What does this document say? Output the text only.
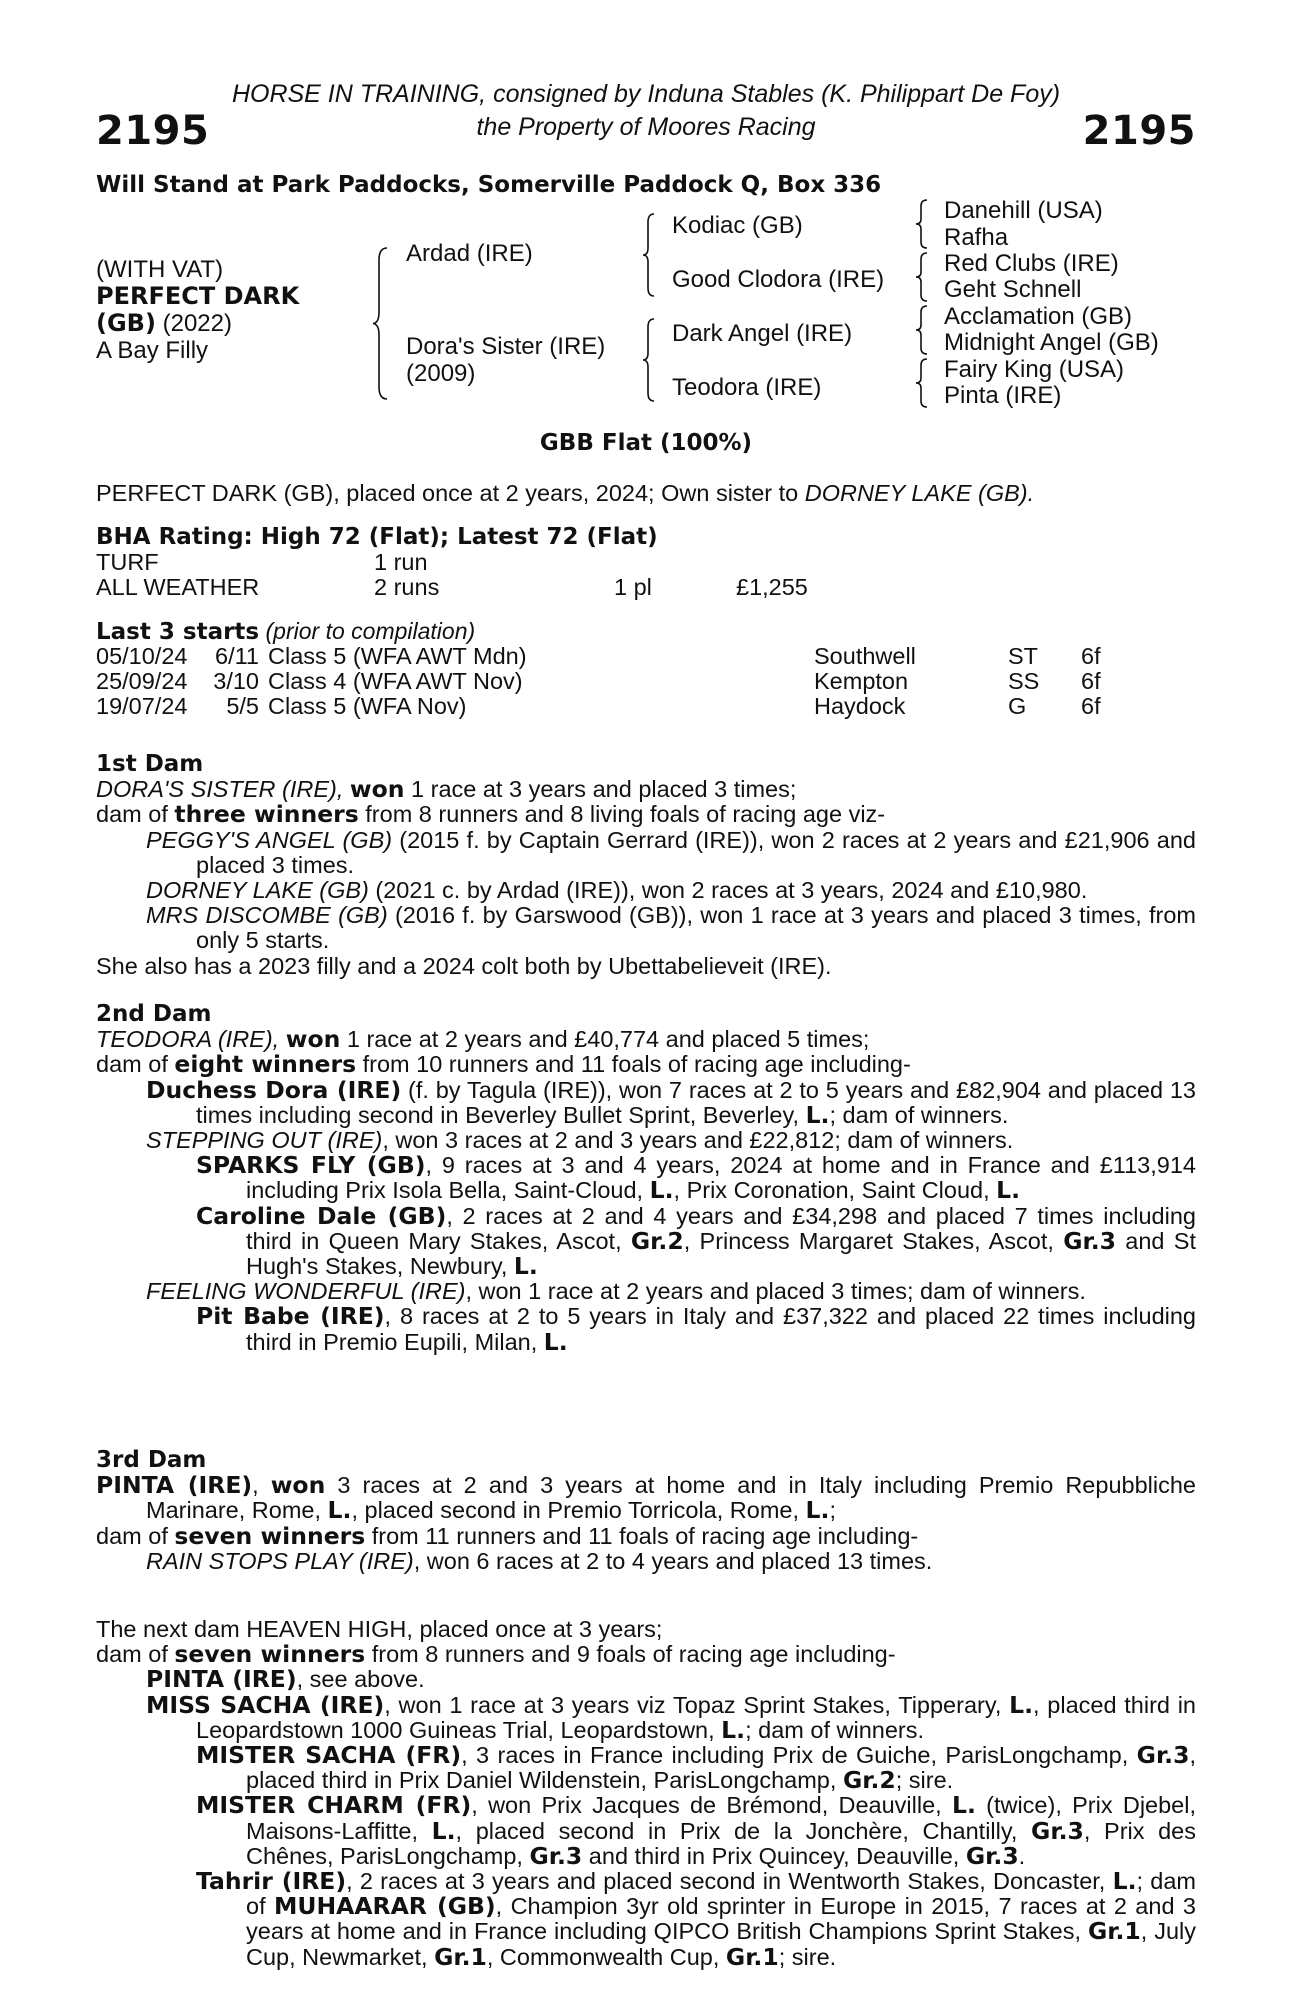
HORSE IN TRAINING, consigned by Induna Stables (K. Philippart De Foy)
the Property of Moores Racing
2195	2195
Will Stand at Park Paddocks, Somerville Paddock Q, Box 336
(WITH VAT)
PERFECT DARK
(GB) (2022)
A Bay Filly
Ardad (IRE)
Dora's Sister (IRE)
(2009)
Kodiac (GB)
Good Clodora (IRE)
Dark Angel (IRE)
Teodora (IRE)
Danehill (USA)
Rafha
Red Clubs (IRE)
Geht Schnell
Acclamation (GB)
Midnight Angel (GB)
Fairy King (USA)
Pinta (IRE)
GBB Flat (100%)
PERFECT DARK (GB), placed once at 2 years, 2024; Own sister to DORNEY LAKE (GB).
BHA Rating: High 72 (Flat); Latest 72 (Flat)
TURF	1 run
ALL WEATHER	2 runs	1 pl	£1,255
Last 3 starts (prior to compilation)
05/10/24	6/11 Class 5 (WFA AWT Mdn)	Southwell	ST 6f
25/09/24	3/10 Class 4 (WFA AWT Nov)	Kempton	SS 6f
19/07/24	5/5 Class 5 (WFA Nov)	Haydock	G 6f
1st Dam

DORA'S SISTER (IRE), won 1 race at 3 years and placed 3 times;

dam of three winners from 8 runners and 8 living foals of racing age viz-

PEGGY'S ANGEL (GB) (2015 f. by Captain Gerrard (IRE)), won 2 races at 2 years and £21,906 and placed 3 times.

DORNEY LAKE (GB) (2021 c. by Ardad (IRE)), won 2 races at 3 years, 2024 and £10,980.

MRS DISCOMBE (GB) (2016 f. by Garswood (GB)), won 1 race at 3 years and placed 3 times, from only 5 starts.

She also has a 2023 filly and a 2024 colt both by Ubettabelieveit (IRE).

2nd Dam

TEODORA (IRE), won 1 race at 2 years and £40,774 and placed 5 times;

dam of eight winners from 10 runners and 11 foals of racing age including-

Duchess Dora (IRE) (f. by Tagula (IRE)), won 7 races at 2 to 5 years and £82,904 and placed 13 times including second in Beverley Bullet Sprint, Beverley, L.; dam of winners.

STEPPING OUT (IRE), won 3 races at 2 and 3 years and £22,812; dam of winners.

SPARKS FLY (GB), 9 races at 3 and 4 years, 2024 at home and in France and £113,914 including Prix Isola Bella, Saint-Cloud, L., Prix Coronation, Saint Cloud, L.

Caroline Dale (GB), 2 races at 2 and 4 years and £34,298 and placed 7 times including third in Queen Mary Stakes, Ascot, Gr.2, Princess Margaret Stakes, Ascot, Gr.3 and St Hugh's Stakes, Newbury, L.

FEELING WONDERFUL (IRE), won 1 race at 2 years and placed 3 times; dam of winners.

Pit Babe (IRE), 8 races at 2 to 5 years in Italy and £37,322 and placed 22 times including third in Premio Eupili, Milan, L.

3rd Dam

PINTA (IRE), won 3 races at 2 and 3 years at home and in Italy including Premio Repubbliche Marinare, Rome, L., placed second in Premio Torricola, Rome, L.;

dam of seven winners from 11 runners and 11 foals of racing age including-

RAIN STOPS PLAY (IRE), won 6 races at 2 to 4 years and placed 13 times.

The next dam HEAVEN HIGH, placed once at 3 years;

dam of seven winners from 8 runners and 9 foals of racing age including-

PINTA (IRE), see above.

MISS SACHA (IRE), won 1 race at 3 years viz Topaz Sprint Stakes, Tipperary, L., placed third in Leopardstown 1000 Guineas Trial, Leopardstown, L.; dam of winners.

MISTER SACHA (FR), 3 races in France including Prix de Guiche, ParisLongchamp, Gr.3, placed third in Prix Daniel Wildenstein, ParisLongchamp, Gr.2; sire.

MISTER CHARM (FR), won Prix Jacques de Brémond, Deauville, L. (twice), Prix Djebel, Maisons-Laffitte, L., placed second in Prix de la Jonchère, Chantilly, Gr.3, Prix des Chênes, ParisLongchamp, Gr.3 and third in Prix Quincey, Deauville, Gr.3.

Tahrir (IRE), 2 races at 3 years and placed second in Wentworth Stakes, Doncaster, L.; dam of MUHAARAR (GB), Champion 3yr old sprinter in Europe in 2015, 7 races at 2 and 3 years at home and in France including QIPCO British Champions Sprint Stakes, Gr.1, July Cup, Newmarket, Gr.1, Commonwealth Cup, Gr.1; sire.
